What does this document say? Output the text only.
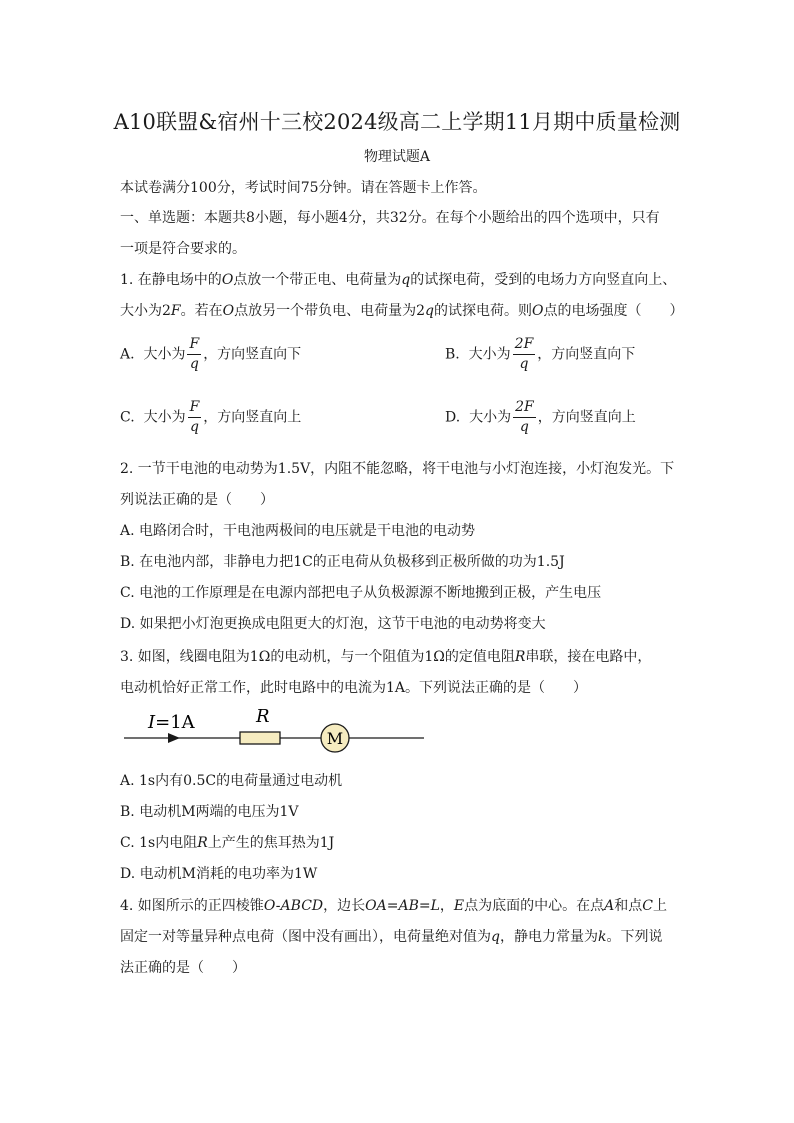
A10联盟&宿州十三校2024级高二上学期11月期中质量检测
物理试题A
本试卷满分100分，考试时间75分钟。请在答题卡上作答。
一、单选题：本题共8小题，每小题4分，共32分。在每个小题给出的四个选项中，只有
一项是符合要求的。
1. 在静电场中的O点放一个带正电、电荷量为q的试探电荷，受到的电场力方向竖直向上、
大小为2F。若在O点放另一个带负电、电荷量为2q的试探电荷。则O点的电场强度（　　）
A. 大小为 $\frac{F}{q}$ ，方向竖直向下	B. 大小为 $\frac{2F}{q}$ ，方向竖直向下
C. 大小为 $\frac{F}{q}$ ，方向竖直向上	D. 大小为 $\frac{2F}{q}$ ，方向竖直向上
2. 一节干电池的电动势为1.5V，内阻不能忽略，将干电池与小灯泡连接，小灯泡发光。下
列说法正确的是（　　）
A. 电路闭合时，干电池两极间的电压就是干电池的电动势
B. 在电池内部，非静电力把1C的正电荷从负极移到正极所做的功为1.5J
C. 电池的工作原理是在电源内部把电子从负极源源不断地搬到正极，产生电压
D. 如果把小灯泡更换成电阻更大的灯泡，这节干电池的电动势将变大
3. 如图，线圈电阻为1Ω的电动机，与一个阻值为1Ω的定值电阻R串联，接在电路中，
电动机恰好正常工作，此时电路中的电流为1A。下列说法正确的是（　　）
I=1A	R
M
A. 1s内有0.5C的电荷量通过电动机
B. 电动机M两端的电压为1V
C. 1s内电阻R上产生的焦耳热为1J
D. 电动机M消耗的电功率为1W
4. 如图所示的正四棱锥O-ABCD，边长OA=AB=L，E点为底面的中心。在点A和点C上
固定一对等量异种点电荷（图中没有画出），电荷量绝对值为q，静电力常量为k。下列说
法正确的是（　　）
